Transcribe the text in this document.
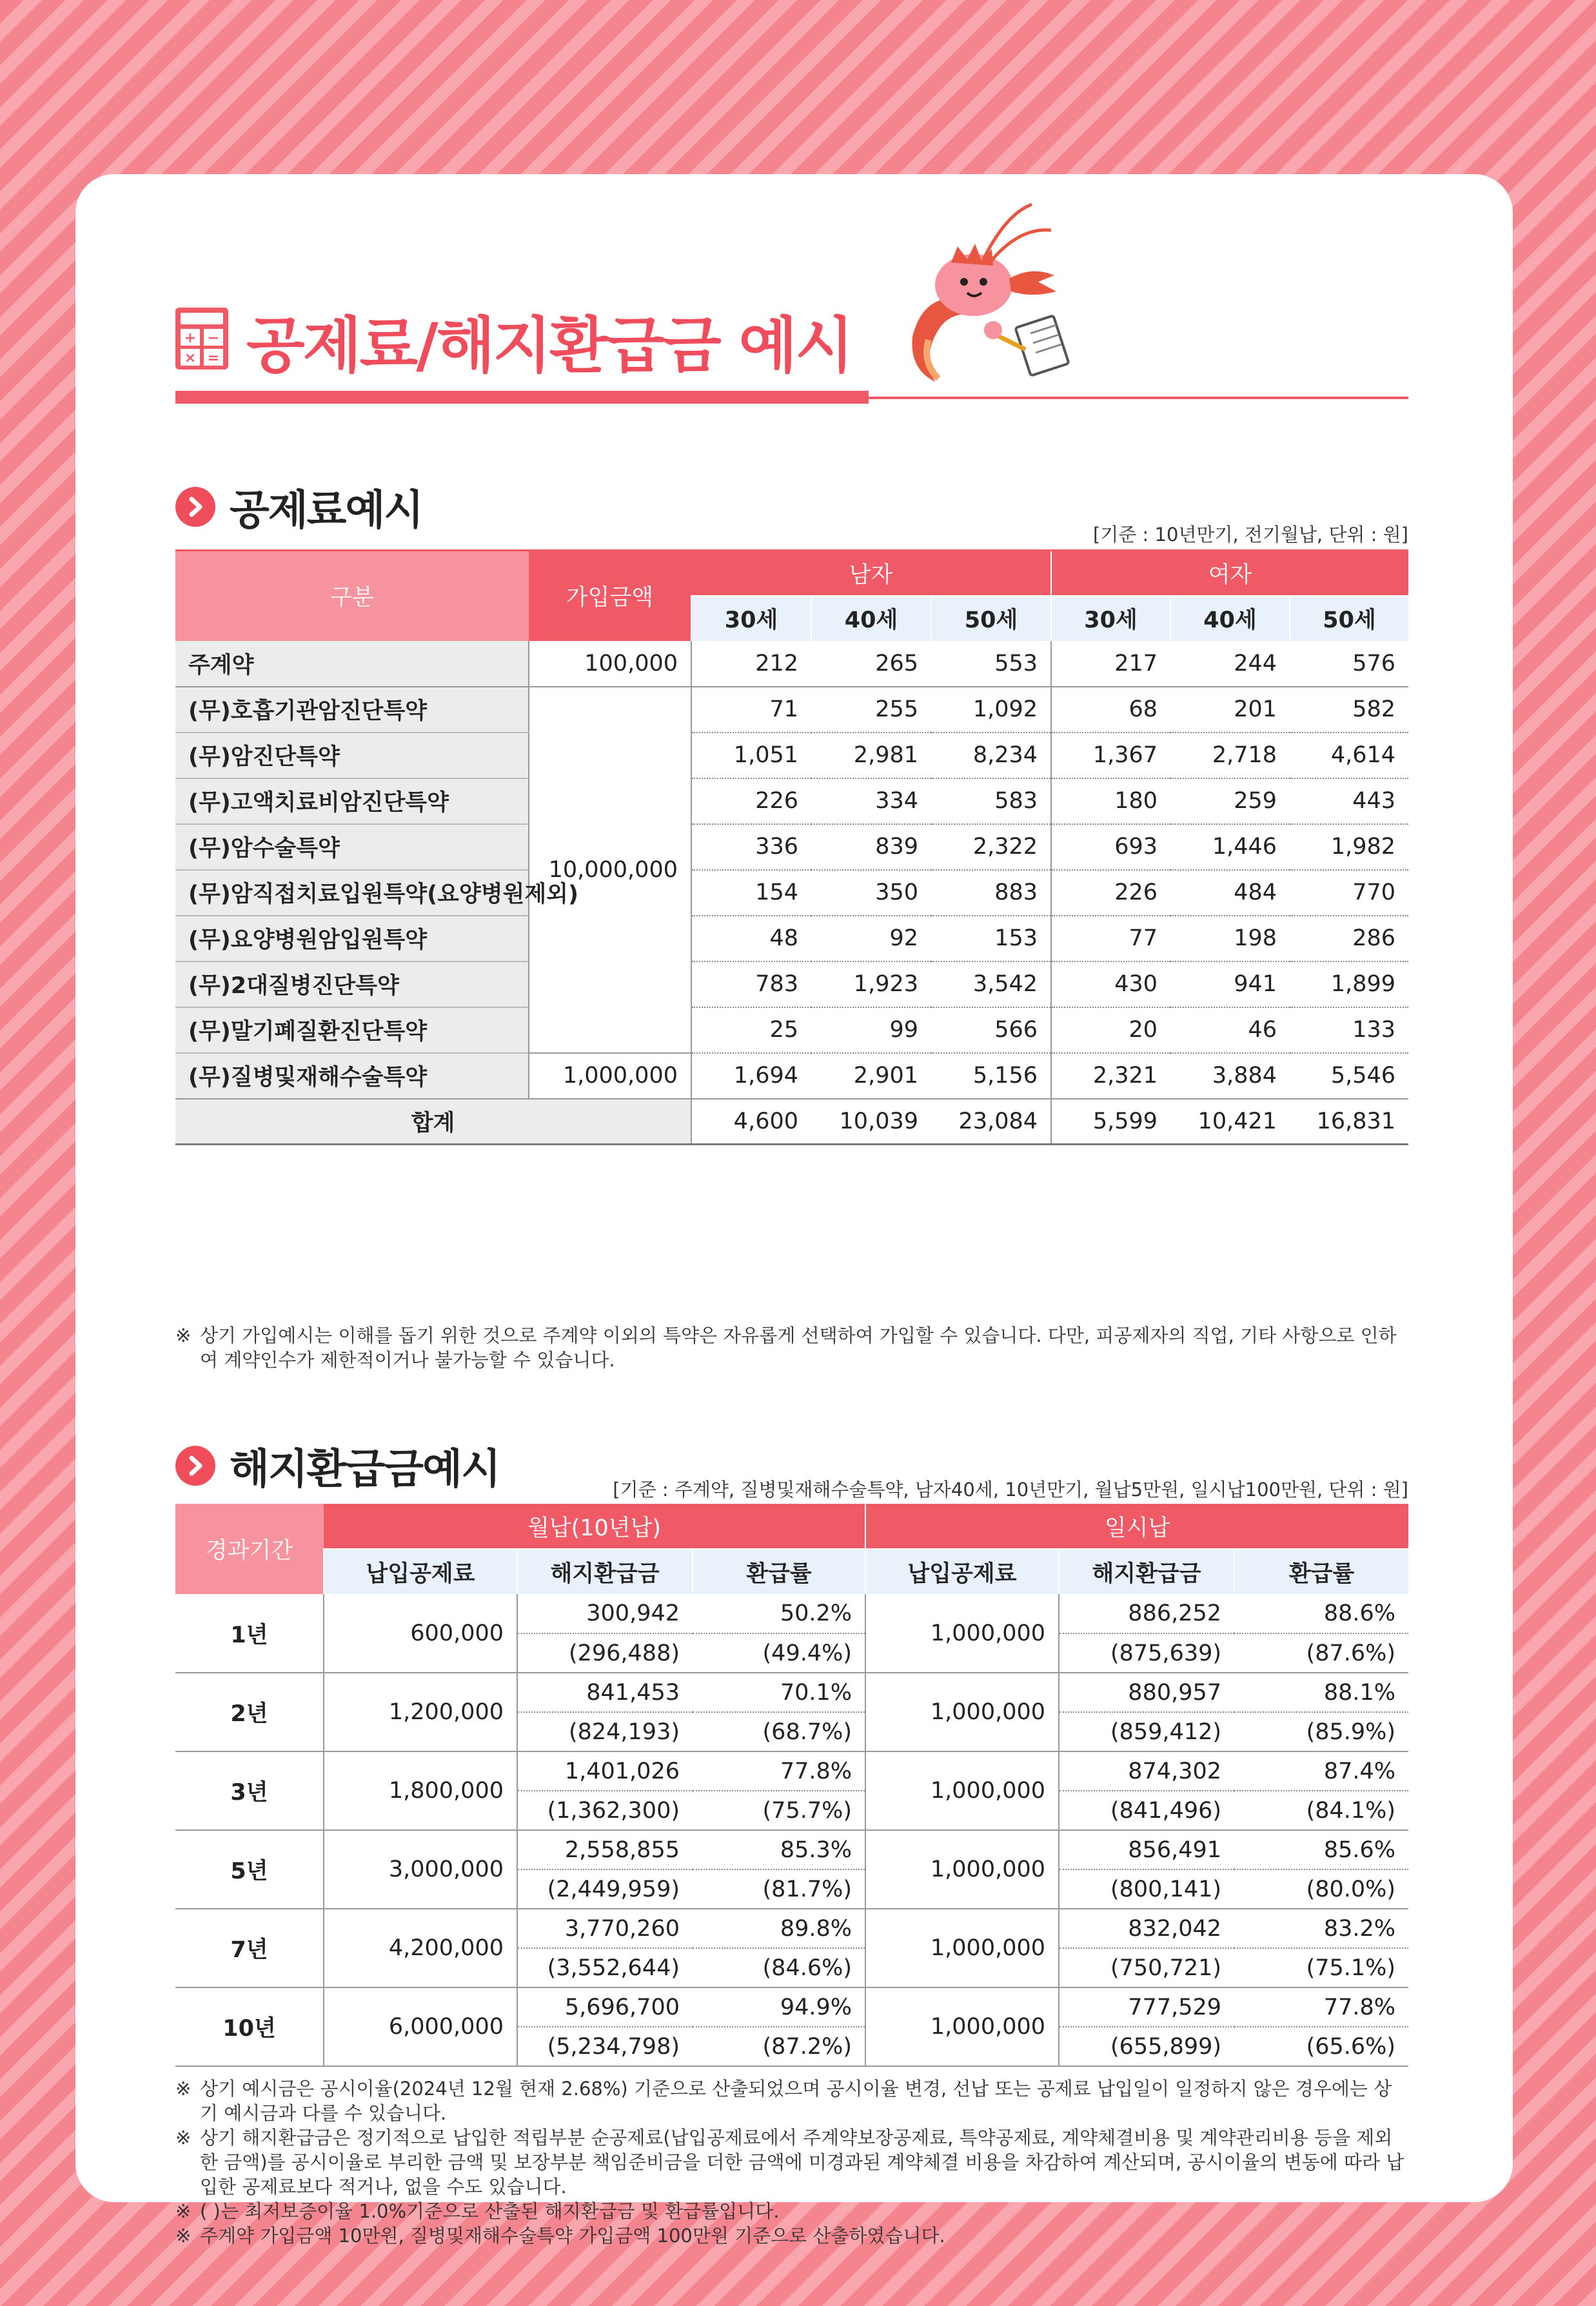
+ −
× = 공제료/해지환급금 예시
공제료예시	[기준 : 10년만기, 전기월납, 단위 : 원]
구분	가입금액	남자			여자		
		30세	40세	50세	30세	40세	50세
주계약	100,000	212	265	553	217	244	576
(무)호흡기관암진단특약	10,000,000	71	255	1,092	68	201	582
(무)암진단특약		1,051	2,981	8,234	1,367	2,718	4,614
(무)고액치료비암진단특약		226	334	583	180	259	443
(무)암수술특약		336	839	2,322	693	1,446	1,982
(무)암직접치료입원특약(요양병원제외)		154	350	883	226	484	770
(무)요양병원암입원특약		48	92	153	77	198	286
(무)2대질병진단특약		783	1,923	3,542	430	941	1,899
(무)말기폐질환진단특약		25	99	566	20	46	133
(무)질병및재해수술특약	1,000,000	1,694	2,901	5,156	2,321	3,884	5,546
합계		4,600	10,039	23,084	5,599	10,421	16,831
※ 상기 가입예시는 이해를 돕기 위한 것으로 주계약 이외의 특약은 자유롭게 선택하여 가입할 수 있습니다. 다만, 피공제자의 직업, 기타 사항으로 인하여 계약인수가 제한적이거나 불가능할 수 있습니다.
해지환급금예시	[기준 : 주계약, 질병및재해수술특약, 남자40세, 10년만기, 월납5만원, 일시납100만원, 단위 : 원]
경과기간	월납(10년납)			일시납		
	납입공제료	해지환급금	환급률	납입공제료	해지환급금	환급률
1년	600,000	300,942	50.2%	1,000,000	886,252	88.6%
		(296,488)	(49.4%)		(875,639)	(87.6%)
2년	1,200,000	841,453	70.1%	1,000,000	880,957	88.1%
		(824,193)	(68.7%)		(859,412)	(85.9%)
3년	1,800,000	1,401,026	77.8%	1,000,000	874,302	87.4%
		(1,362,300)	(75.7%)		(841,496)	(84.1%)
5년	3,000,000	2,558,855	85.3%	1,000,000	856,491	85.6%
		(2,449,959)	(81.7%)		(800,141)	(80.0%)
7년	4,200,000	3,770,260	89.8%	1,000,000	832,042	83.2%
		(3,552,644)	(84.6%)		(750,721)	(75.1%)
10년	6,000,000	5,696,700	94.9%	1,000,000	777,529	77.8%
		(5,234,798)	(87.2%)		(655,899)	(65.6%)
※ 상기 예시금은 공시이율(2024년 12월 현재 2.68%) 기준으로 산출되었으며 공시이율 변경, 선납 또는 공제료 납입일이 일정하지 않은 경우에는 상기 예시금과 다를 수 있습니다.
※ 상기 해지환급금은 정기적으로 납입한 적립부분 순공제료(납입공제료에서 주계약보장공제료, 특약공제료, 계약체결비용 및 계약관리비용 등을 제외한 금액)를 공시이율로 부리한 금액 및 보장부분 책임준비금을 더한 금액에 미경과된 계약체결 비용을 차감하여 계산되며, 공시이율의 변동에 따라 납입한 공제료보다 적거나, 없을 수도 있습니다.
※ ( )는 최저보증이율 1.0%기준으로 산출된 해지환급금 및 환급률입니다.
※ 주계약 가입금액 10만원, 질병및재해수술특약 가입금액 100만원 기준으로 산출하였습니다.
